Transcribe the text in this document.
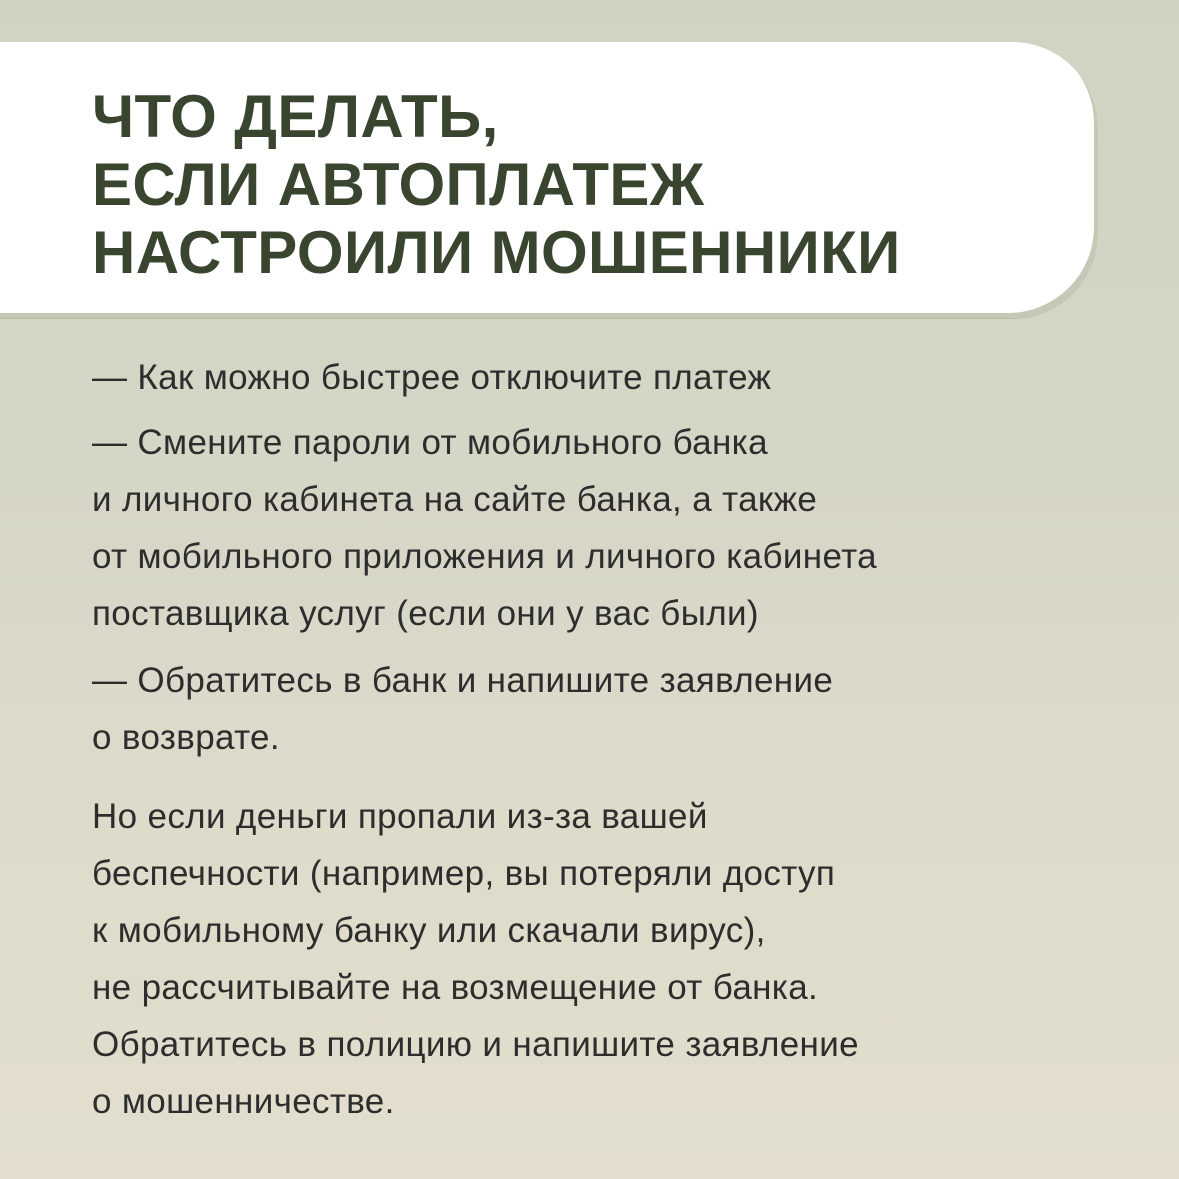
ЧТО ДЕЛАТЬ,
ЕСЛИ АВТОПЛАТЕЖ
НАСТРОИЛИ МОШЕННИКИ

— Как можно быстрее отключите платеж

— Смените пароли от мобильного банка
и личного кабинета на сайте банка, а также
от мобильного приложения и личного кабинета
поставщика услуг (если они у вас были)

— Обратитесь в банк и напишите заявление
о возврате.

Но если деньги пропали из-за вашей
беспечности (например, вы потеряли доступ
к мобильному банку или скачали вирус),
не рассчитывайте на возмещение от банка.
Обратитесь в полицию и напишите заявление
о мошенничестве.
